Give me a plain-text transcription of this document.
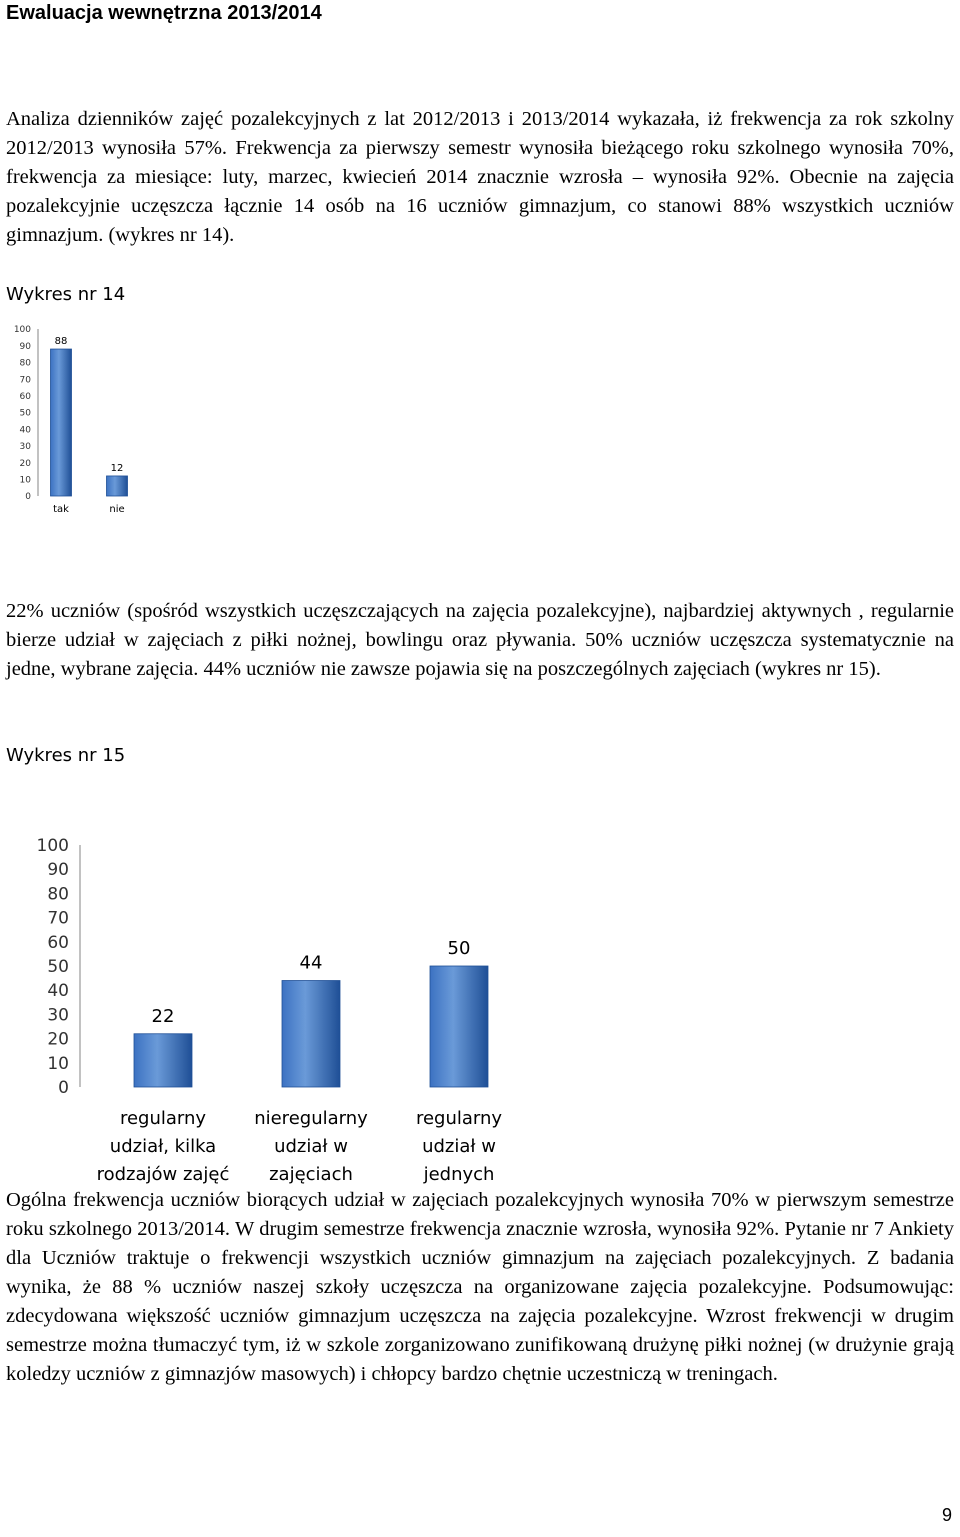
Ewaluacja wewnętrzna 2013/2014

Analiza dzienników zajęć pozalekcyjnych z lat 2012/2013 i 2013/2014 wykazała, iż frekwencja za rok szkolny 2012/2013 wynosiła 57%. Frekwencja za pierwszy semestr wynosiła bieżącego roku szkolnego wynosiła 70%, frekwencja za miesiące: luty, marzec, kwiecień 2014 znacznie wzrosła – wynosiła 92%. Obecnie na zajęcia pozalekcyjnie uczęszcza łącznie 14 osób na 16 uczniów gimnazjum, co stanowi 88% wszystkich uczniów gimnazjum. (wykres nr 14).

Wykres nr 14
0
10
20
30
40
50
60
70
80
90
100
88
tak
12
nie

22% uczniów (spośród wszystkich uczęszczających na zajęcia pozalekcyjne), najbardziej aktywnych , regularnie bierze udział w zajęciach z piłki nożnej, bowlingu oraz pływania. 50% uczniów uczęszcza systematycznie na jedne, wybrane zajęcia. 44% uczniów nie zawsze pojawia się na poszczególnych zajęciach (wykres nr 15).

Wykres nr 15
0
10
20
30
40
50
60
70
80
90
100
22
regularny
udział, kilka
rodzajów zajęć
44
nieregularny
udział w
zajęciach
50
regularny
udział w
jednych

Ogólna frekwencja uczniów biorących udział w zajęciach pozalekcyjnych wynosiła 70% w pierwszym semestrze roku szkolnego 2013/2014. W drugim semestrze frekwencja znacznie wzrosła, wynosiła 92%. Pytanie nr 7 Ankiety dla Uczniów traktuje o frekwencji wszystkich uczniów gimnazjum na zajęciach pozalekcyjnych. Z badania wynika, że 88 % uczniów naszej szkoły uczęszcza na organizowane zajęcia pozalekcyjne. Podsumowując: zdecydowana większość uczniów gimnazjum uczęszcza na zajęcia pozalekcyjne. Wzrost frekwencji w drugim semestrze można tłumaczyć tym, iż w szkole zorganizowano zunifikowaną drużynę piłki nożnej (w drużynie grają koledzy uczniów z gimnazjów masowych) i chłopcy bardzo chętnie uczestniczą w treningach.

9
